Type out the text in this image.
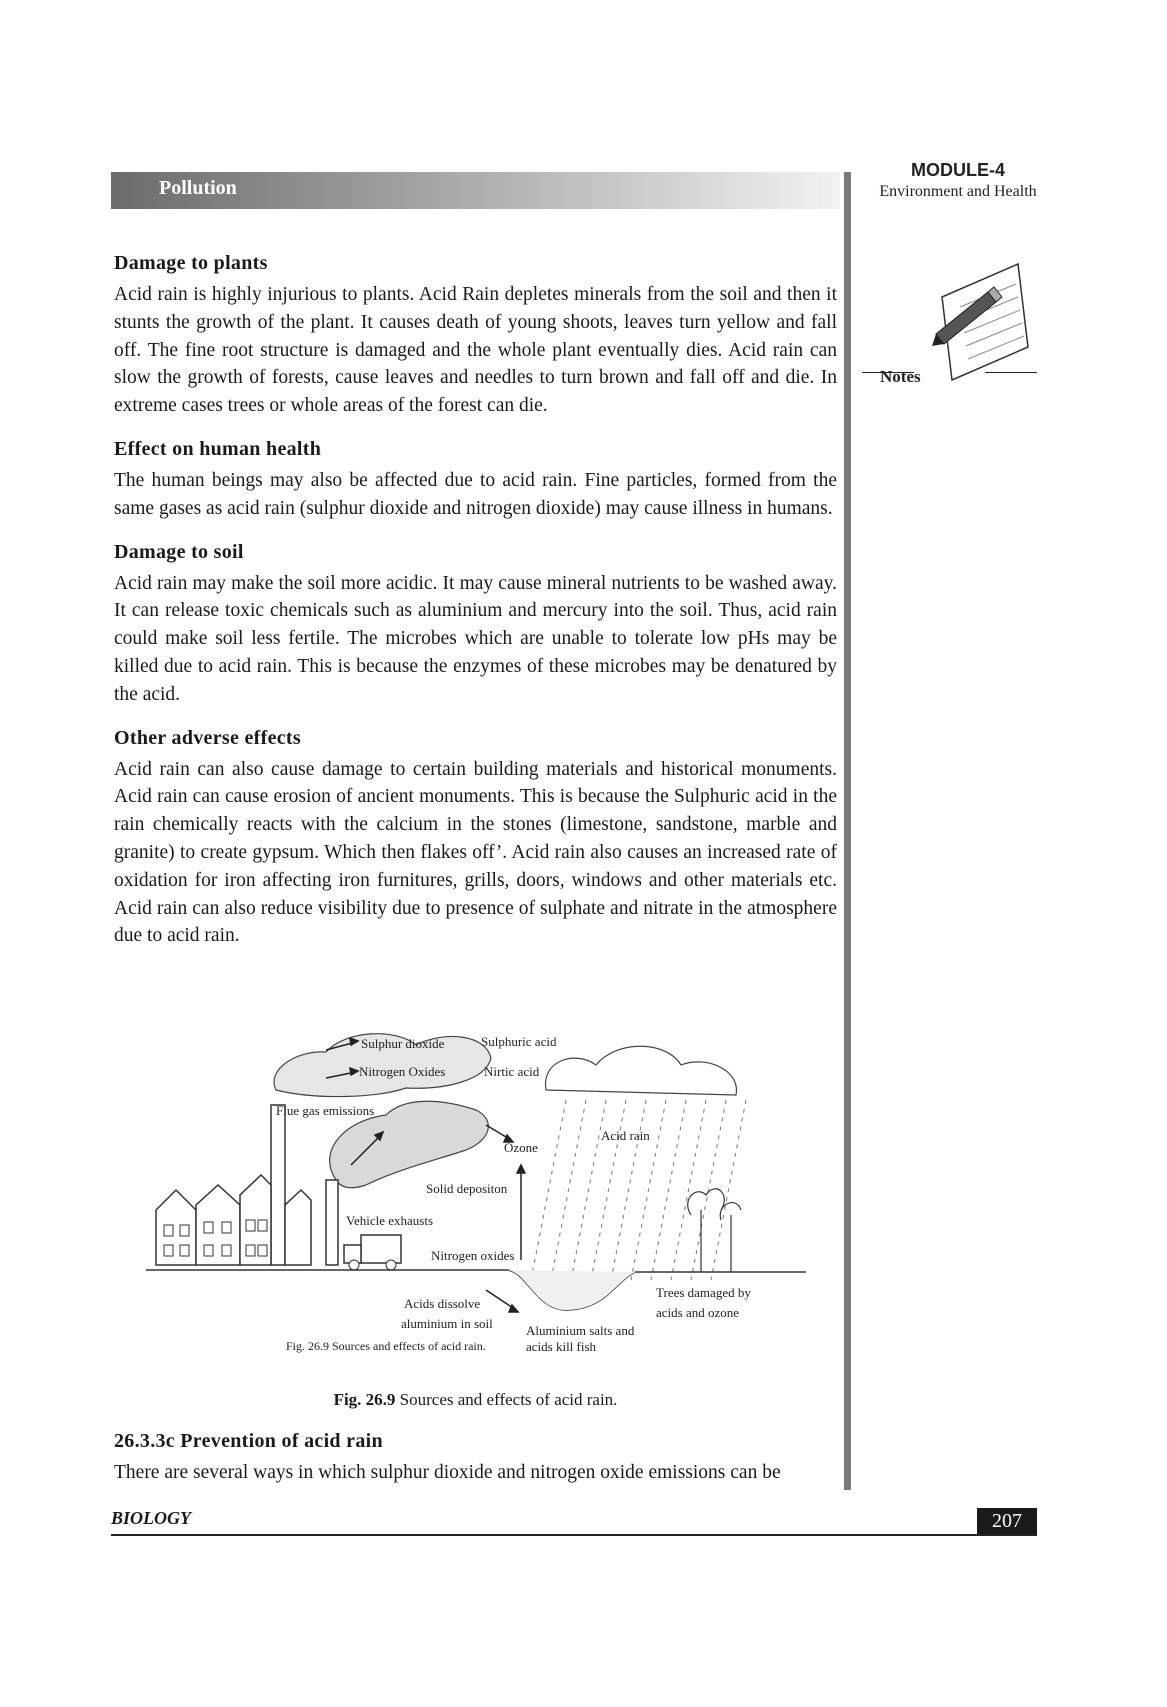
Pollution
MODULE-4
Environment and Health
Notes
Damage to plants

Acid rain is highly injurious to plants. Acid Rain depletes minerals from the soil and then it stunts the growth of the plant. It causes death of young shoots, leaves turn yellow and fall off. The fine root structure is damaged and the whole plant eventually dies. Acid rain can slow the growth of forests, cause leaves and needles to turn brown and fall off and die. In extreme cases trees or whole areas of the forest can die.

Effect on human health

The human beings may also be affected due to acid rain. Fine particles, formed from the same gases as acid rain (sulphur dioxide and nitrogen dioxide) may cause illness in humans.

Damage to soil

Acid rain may make the soil more acidic. It may cause mineral nutrients to be washed away. It can release toxic chemicals such as aluminium and mercury into the soil. Thus, acid rain could make soil less fertile. The microbes which are unable to tolerate low pHs may be killed due to acid rain. This is because the enzymes of these microbes may be denatured by the acid.

Other adverse effects

Acid rain can also cause damage to certain building materials and historical monuments. Acid rain can cause erosion of ancient monuments. This is because the Sulphuric acid in the rain chemically reacts with the calcium in the stones (limestone, sandstone, marble and granite) to create gypsum. Which then flakes off’. Acid rain also causes an increased rate of oxidation for iron affecting iron furnitures, grills, doors, windows and other materials etc. Acid rain can also reduce visibility due to presence of sulphate and nitrate in the atmosphere due to acid rain.

Sulphur dioxide
Nitrogen Oxides
Sulphuric acid
Nirtic acid
Flue gas emissions
Ozone
Acid rain
Solid depositon
Vehicle exhausts
Nitrogen oxides
Acids dissolve
aluminium in soil	Aluminium salts and
acids kill fish
Trees damaged by
acids and ozone
Fig. 26.9 Sources and effects of acid rain.
Fig. 26.9 Sources and effects of acid rain.
26.3.3c Prevention of acid rain

There are several ways in which sulphur dioxide and nitrogen oxide emissions can be

BIOLOGY	207
